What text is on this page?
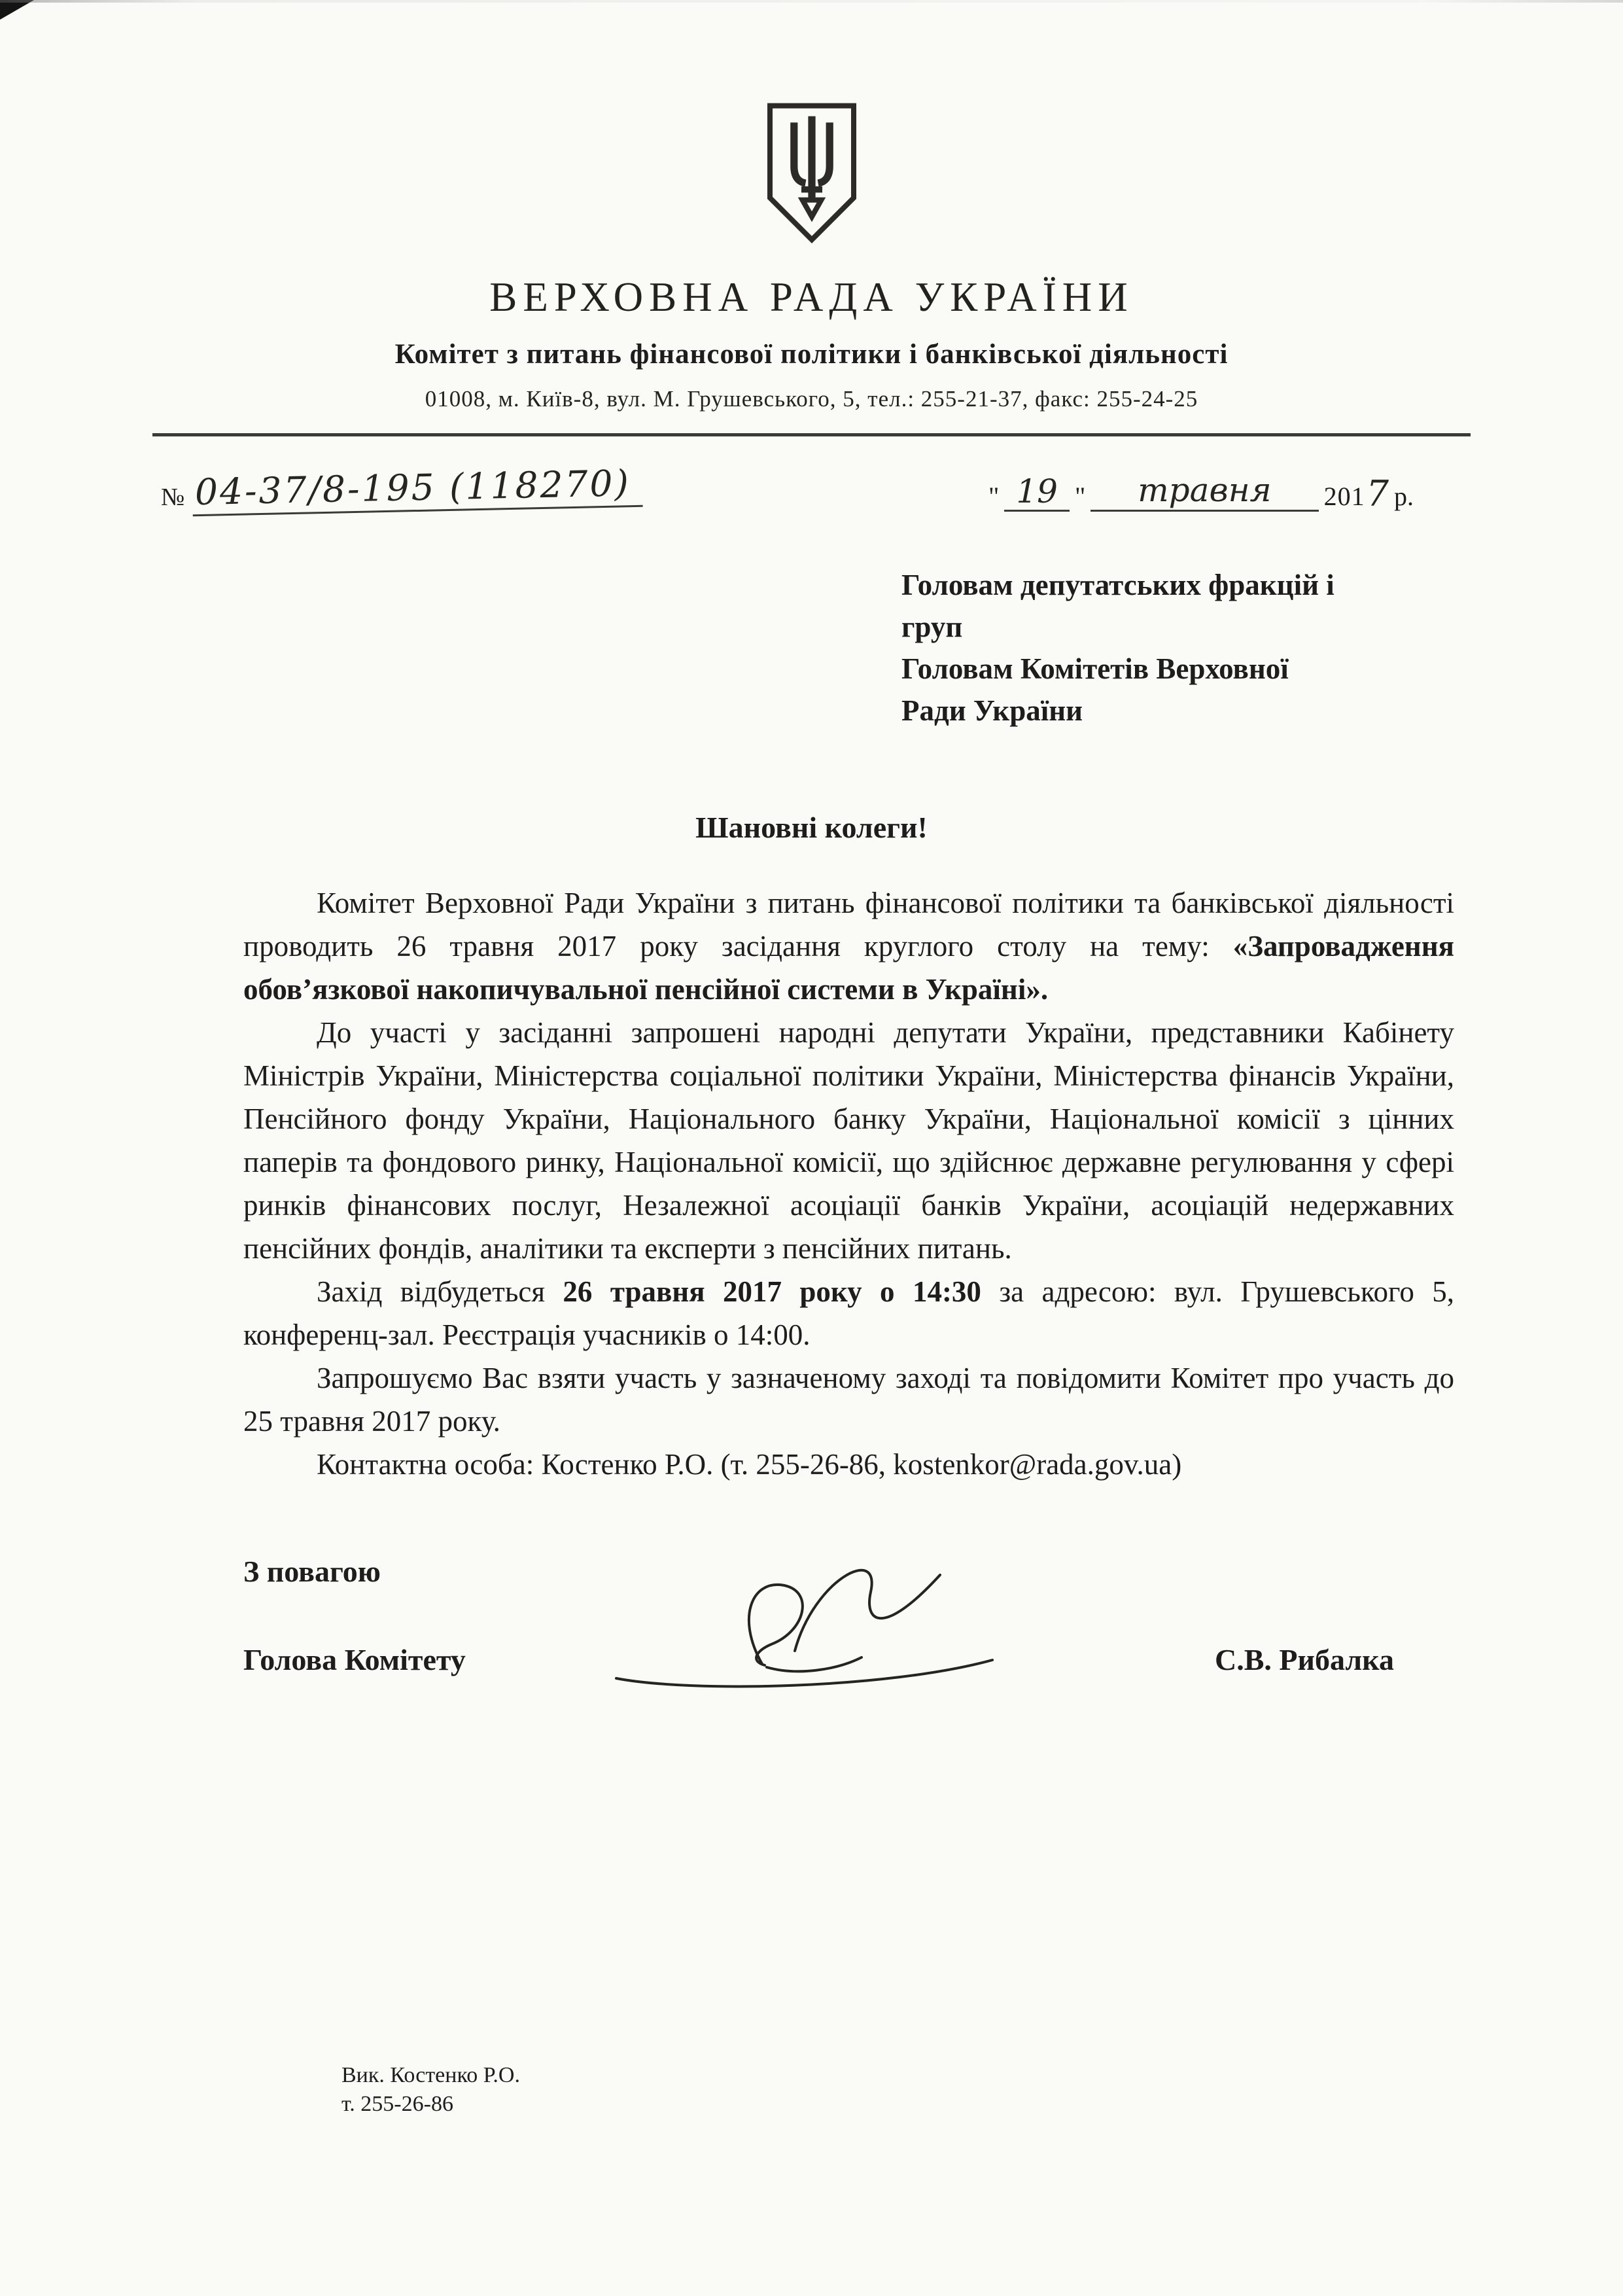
ВЕРХОВНА РАДА УКРАЇНИ
Комітет з питань фінансової політики і банківської діяльності
01008, м. Київ-8, вул. М. Грушевського, 5, тел.: 255-21-37, факс: 255-24-25
№ 04-37/8-195 (118270)	" 19 "	травня	201 7 р.
Головам депутатських фракцій і
груп
Головам Комітетів Верховної
Ради України
Шановні колеги!

Комітет Верховної Ради України з питань фінансової політики та банківської діяльності проводить 26 травня 2017 року засідання круглого столу на тему: «Запровадження обов’язкової накопичувальної пенсійної системи в Україні».

До участі у засіданні запрошені народні депутати України, представники Кабінету Міністрів України, Міністерства соціальної політики України, Міністерства фінансів України, Пенсійного фонду України, Національного банку України, Національної комісії з цінних паперів та фондового ринку, Національної комісії, що здійснює державне регулювання у сфері ринків фінансових послуг, Незалежної асоціації банків України, асоціацій недержавних пенсійних фондів, аналітики та експерти з пенсійних питань.

Захід відбудеться 26 травня 2017 року о 14:30 за адресою: вул. Грушевського 5, конференц-зал. Реєстрація учасників о 14:00.

Запрошуємо Вас взяти участь у зазначеному заході та повідомити Комітет про участь до 25 травня 2017 року.

Контактна особа: Костенко Р.О. (т. 255-26-86, kostenkor@rada.gov.ua)

З повагою
Голова Комітету	С.В. Рибалка
Вик. Костенко Р.О.
т. 255-26-86
